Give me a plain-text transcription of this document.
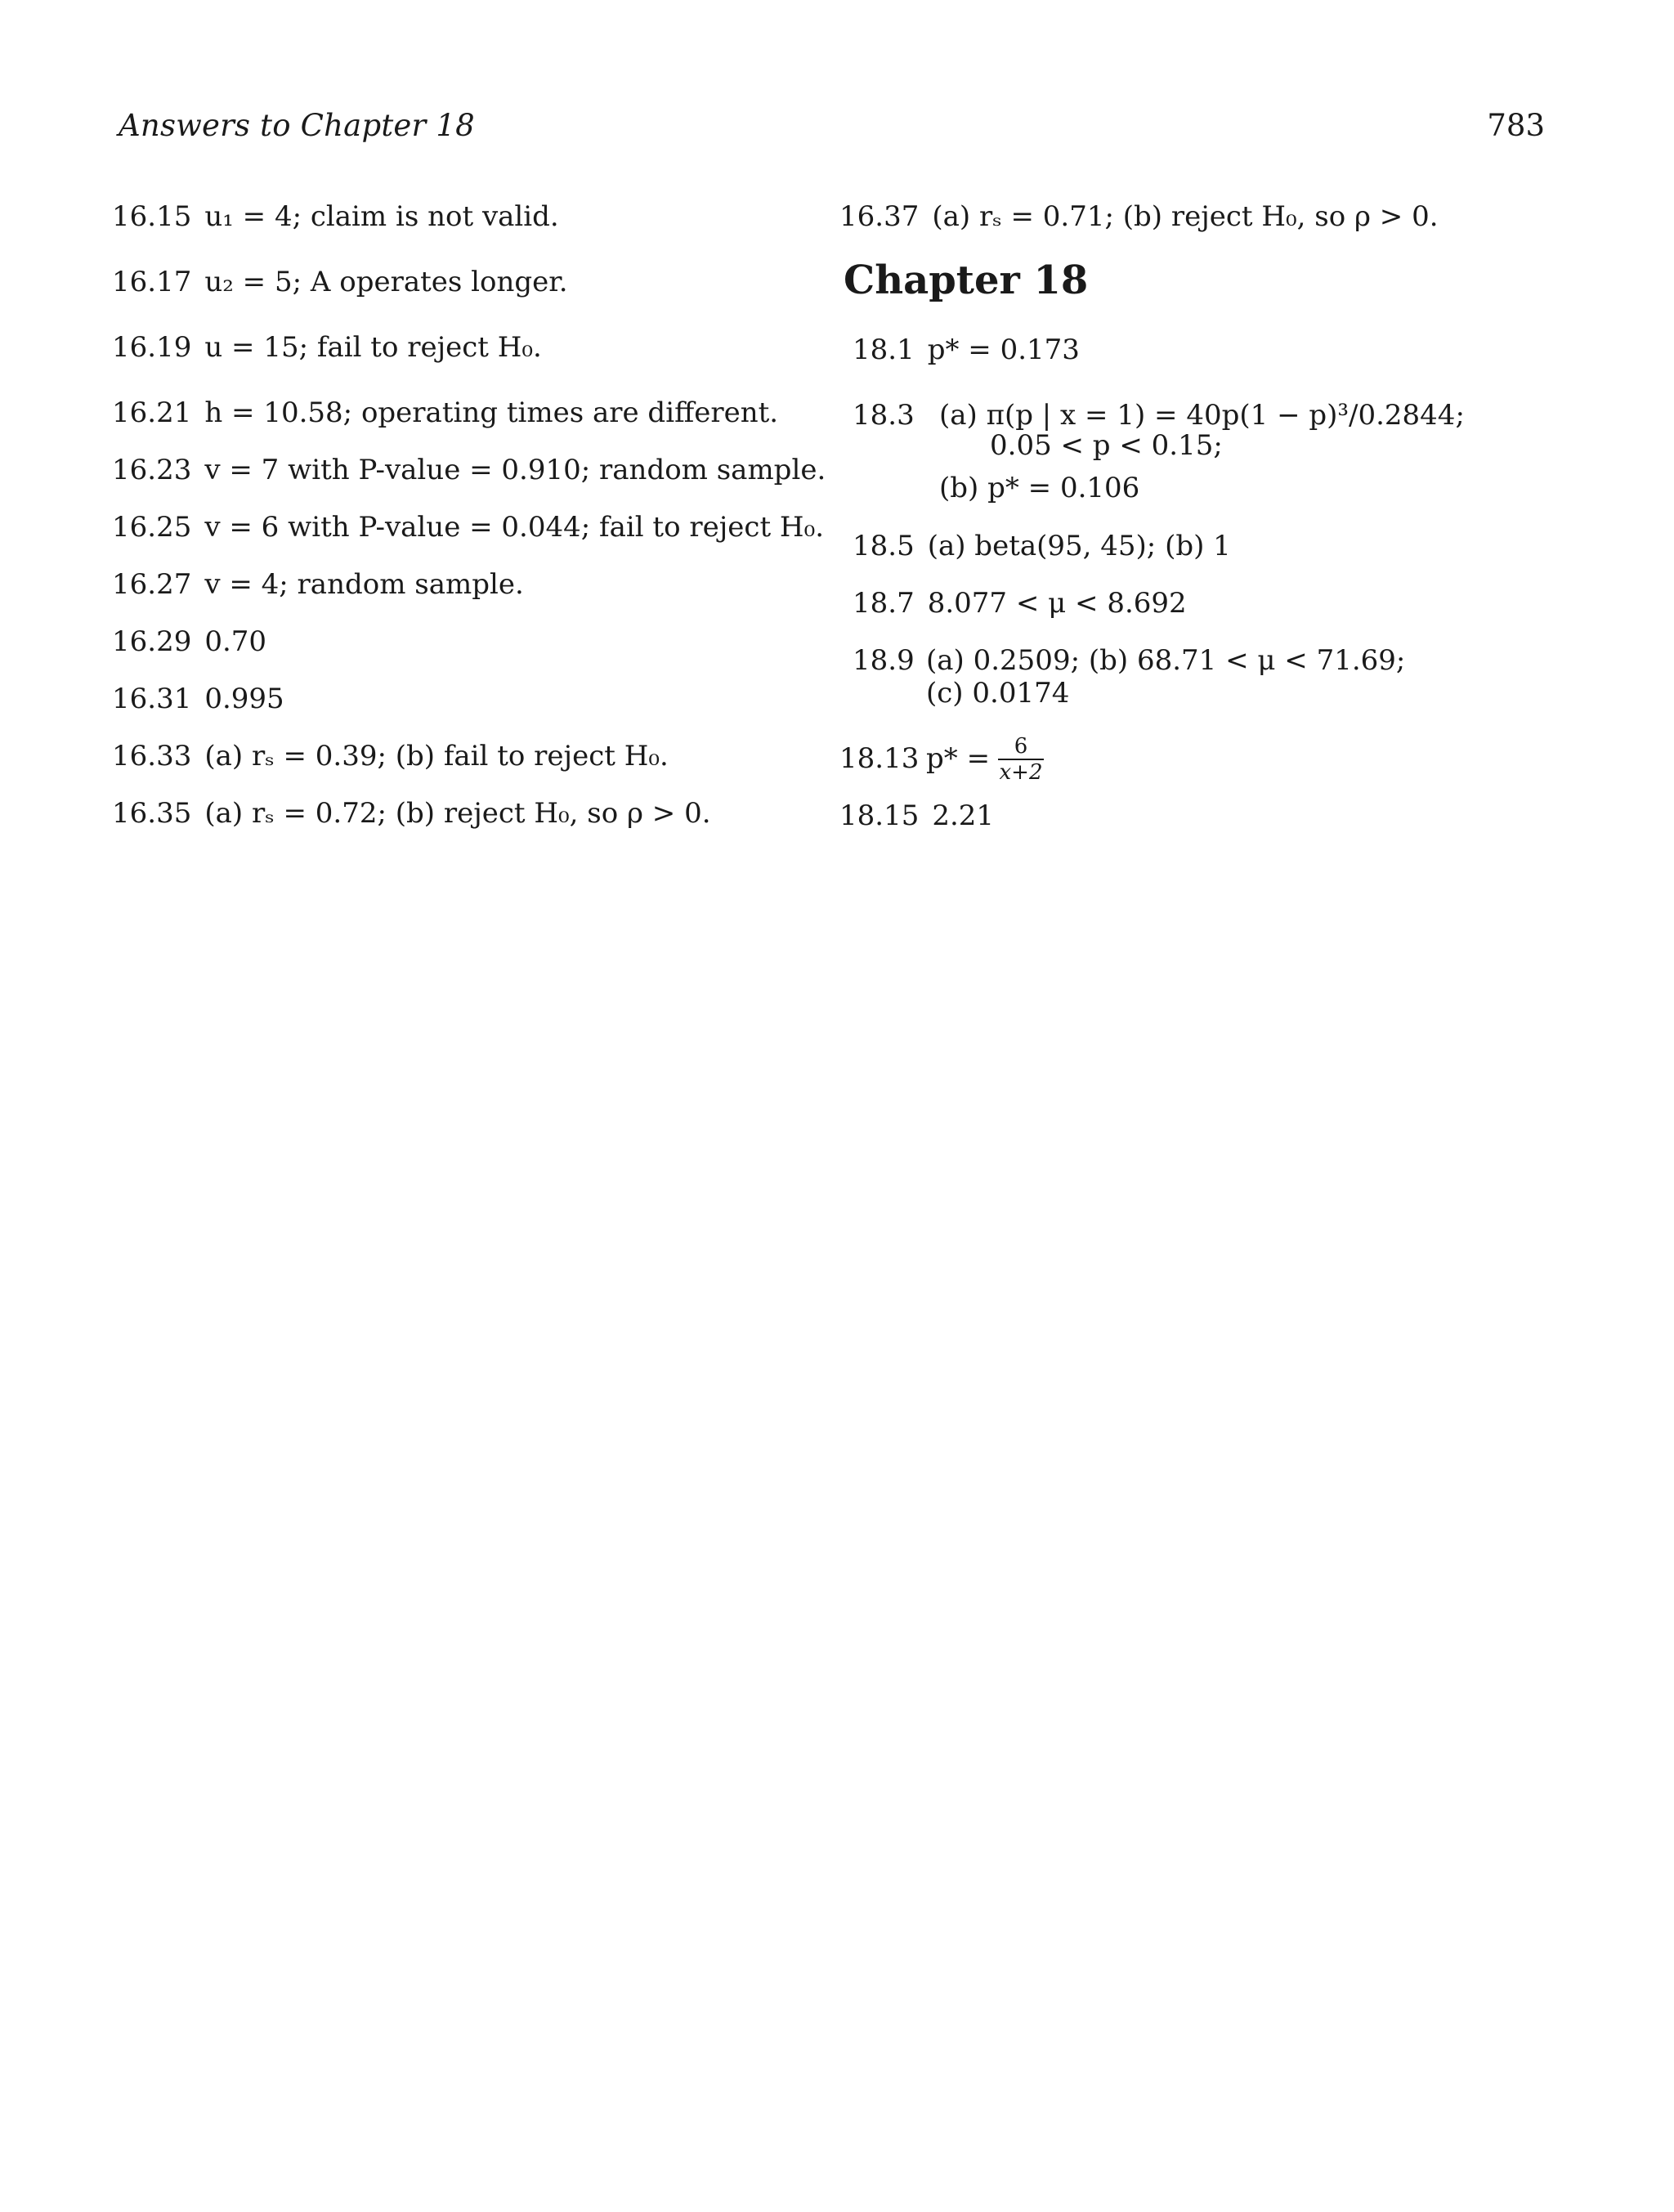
Answers to Chapter 18	783
16.15 u₁ = 4; claim is not valid.
16.17 u₂ = 5; A operates longer.
16.19 u = 15; fail to reject H₀.
16.21 h = 10.58; operating times are different.
16.23 v = 7 with P-value = 0.910; random sample.
16.25 v = 6 with P-value = 0.044; fail to reject H₀.
16.27 v = 4; random sample.
16.29 0.70
16.31 0.995
16.33 (a) rₛ = 0.39; (b) fail to reject H₀.
16.35 (a) rₛ = 0.72; (b) reject H₀, so ρ > 0.
16.37 (a) rₛ = 0.71; (b) reject H₀, so ρ > 0.
Chapter 18
18.1 p* = 0.173
18.3 (a) π(p | x = 1) = 40p(1 − p)³/0.2844;
0.05 < p < 0.15;
(b) p* = 0.106
18.5 (a) beta(95, 45); (b) 1
18.7 8.077 < μ < 8.692
18.9 (a) 0.2509; (b) 68.71 < μ < 71.69;
(c) 0.0174
18.13 p* = 6
x+2
18.15 2.21
